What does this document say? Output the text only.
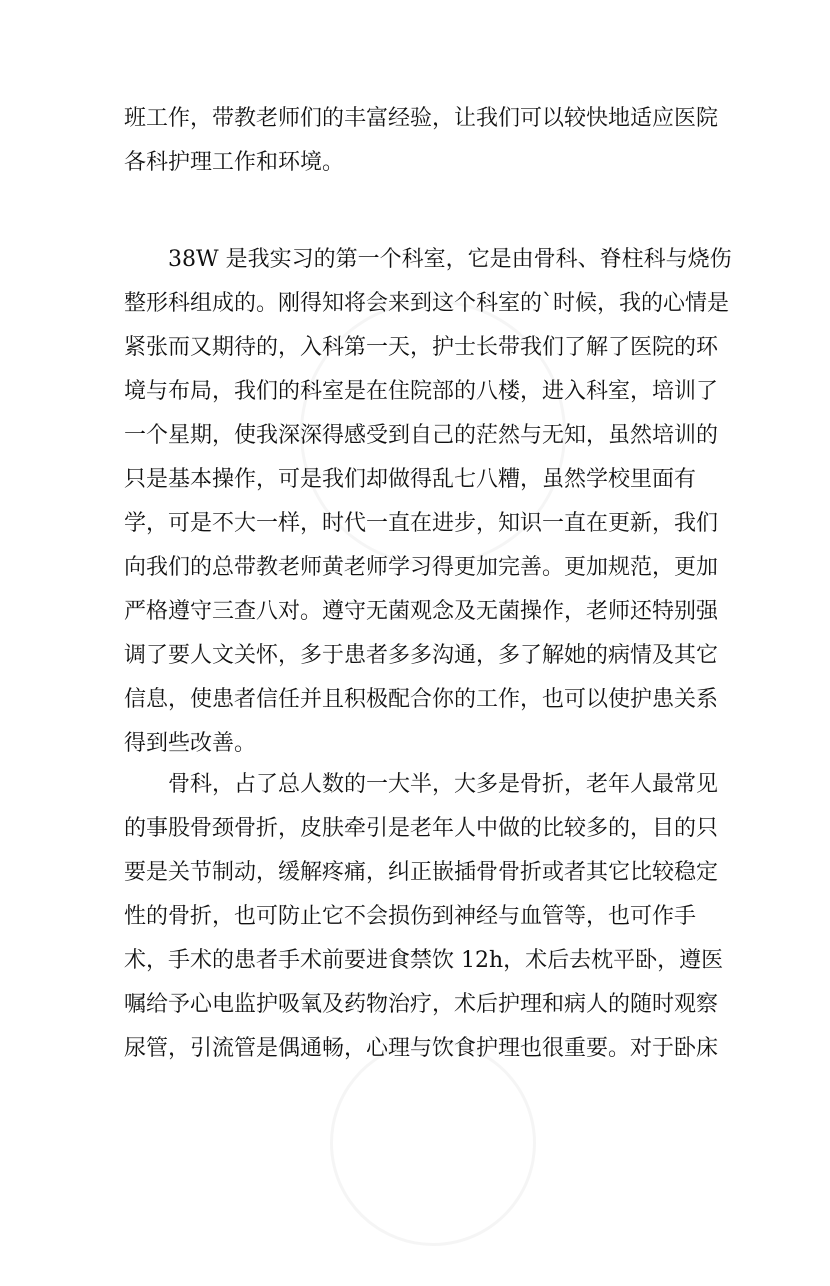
班工作，带教老师们的丰富经验，让我们可以较快地适应医院
各科护理工作和环境。
38W 是我实习的第一个科室，它是由骨科、脊柱科与烧伤
整形科组成的。刚得知将会来到这个科室的`时候，我的心情是
紧张而又期待的，入科第一天，护士长带我们了解了医院的环
境与布局，我们的科室是在住院部的八楼，进入科室，培训了
一个星期，使我深深得感受到自己的茫然与无知，虽然培训的
只是基本操作，可是我们却做得乱七八糟，虽然学校里面有
学，可是不大一样，时代一直在进步，知识一直在更新，我们
向我们的总带教老师黄老师学习得更加完善。更加规范，更加
严格遵守三查八对。遵守无菌观念及无菌操作，老师还特别强
调了要人文关怀，多于患者多多沟通，多了解她的病情及其它
信息，使患者信任并且积极配合你的工作，也可以使护患关系
得到些改善。
骨科，占了总人数的一大半，大多是骨折，老年人最常见
的事股骨颈骨折，皮肤牵引是老年人中做的比较多的，目的只
要是关节制动，缓解疼痛，纠正嵌插骨骨折或者其它比较稳定
性的骨折，也可防止它不会损伤到神经与血管等，也可作手
术，手术的患者手术前要进食禁饮 12h，术后去枕平卧，遵医
嘱给予心电监护吸氧及药物治疗，术后护理和病人的随时观察
尿管，引流管是偶通畅，心理与饮食护理也很重要。对于卧床
